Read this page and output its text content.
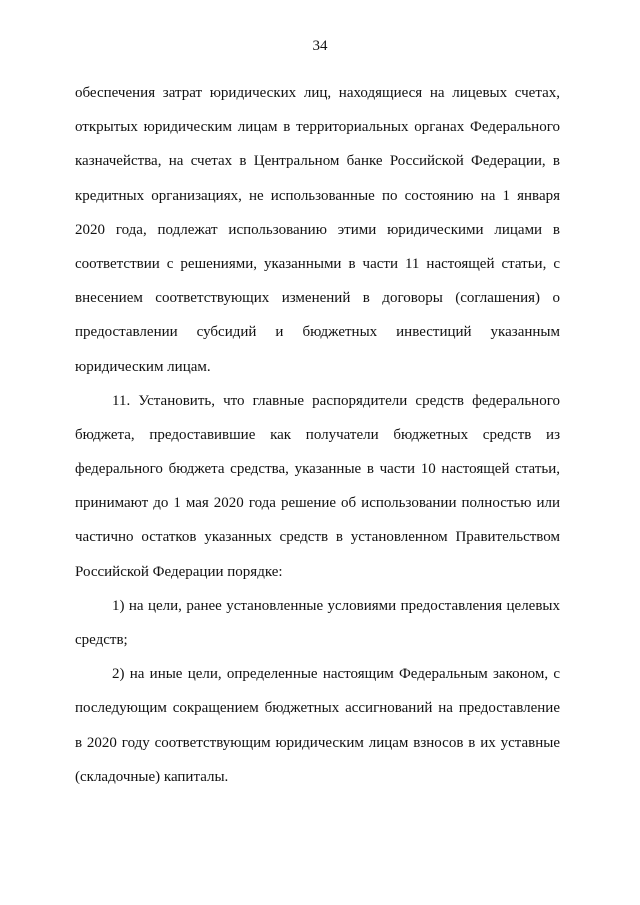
34
обеспечения затрат юридических лиц, находящиеся на лицевых счетах,
открытых юридическим лицам в территориальных органах Федерального
казначейства, на счетах в Центральном банке Российской Федерации, в
кредитных организациях, не использованные по состоянию на 1 января
2020 года, подлежат использованию этими юридическими лицами в
соответствии с решениями, указанными в части 11 настоящей статьи, с
внесением соответствующих изменений в договоры (соглашения) о
предоставлении субсидий и бюджетных инвестиций указанным
юридическим лицам.
11. Установить, что главные распорядители средств федерального
бюджета, предоставившие как получатели бюджетных средств из
федерального бюджета средства, указанные в части 10 настоящей статьи,
принимают до 1 мая 2020 года решение об использовании полностью или
частично остатков указанных средств в установленном Правительством
Российской Федерации порядке:
1) на цели, ранее установленные условиями предоставления целевых
средств;
2) на иные цели, определенные настоящим Федеральным законом, с
последующим сокращением бюджетных ассигнований на предоставление
в 2020 году соответствующим юридическим лицам взносов в их уставные
(складочные) капиталы.
